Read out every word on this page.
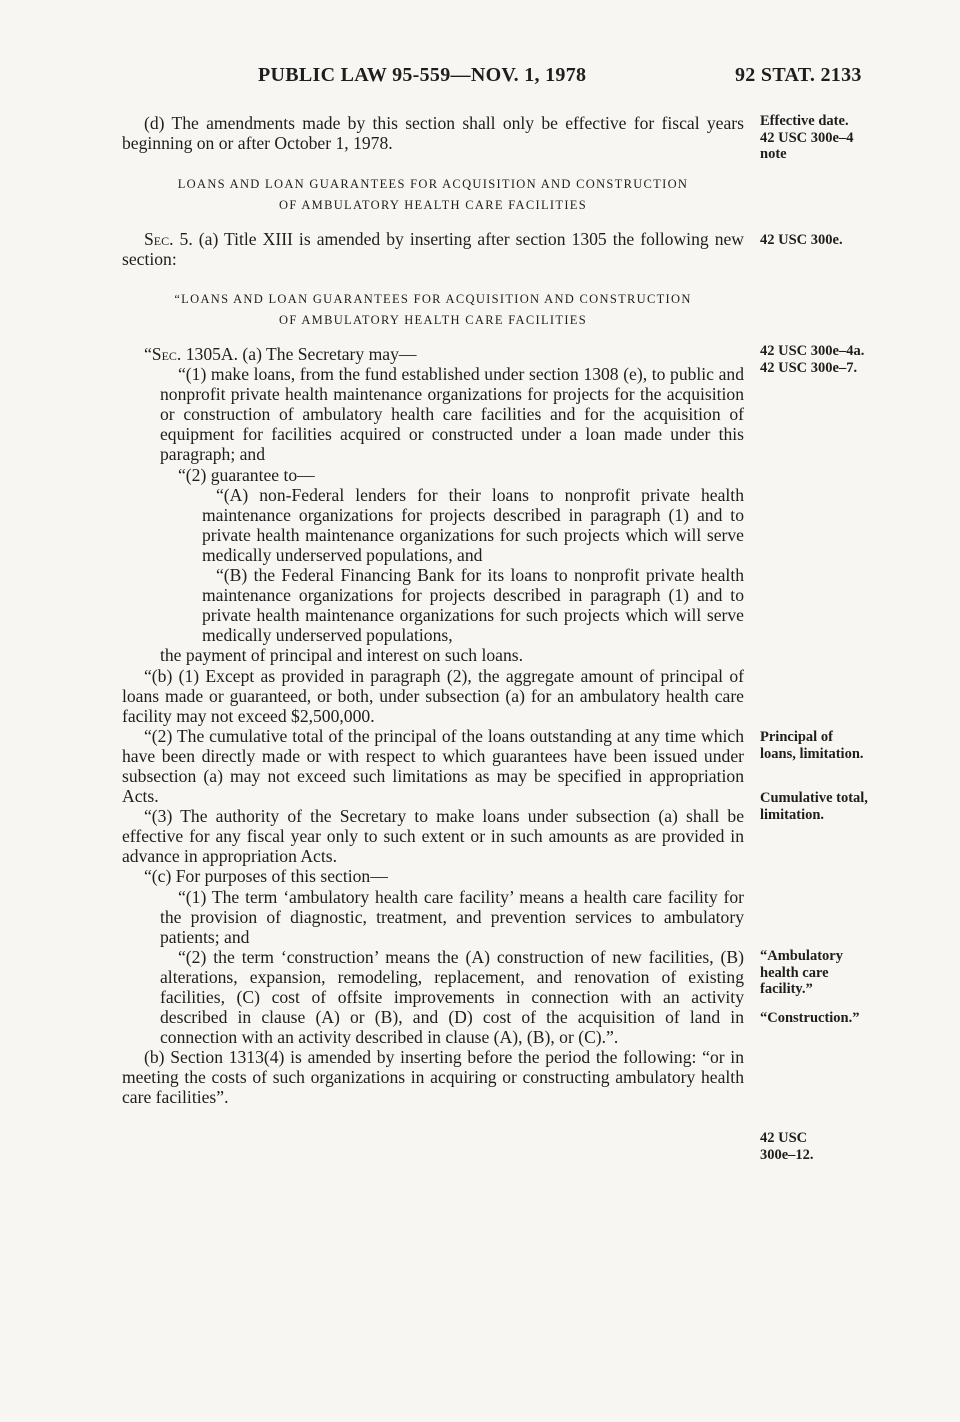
PUBLIC LAW 95-559—NOV. 1, 1978	92 STAT. 2133

(d) The amendments made by this section shall only be effective for fiscal years beginning on or after October 1, 1978.

LOANS AND LOAN GUARANTEES FOR ACQUISITION AND CONSTRUCTION
OF AMBULATORY HEALTH CARE FACILITIES

Sec. 5. (a) Title XIII is amended by inserting after section 1305 the following new section:

“LOANS AND LOAN GUARANTEES FOR ACQUISITION AND CONSTRUCTION
OF AMBULATORY HEALTH CARE FACILITIES

“Sec. 1305A. (a) The Secretary may—

“(1) make loans, from the fund established under section 1308 (e), to public and nonprofit private health maintenance organizations for projects for the acquisition or construction of ambulatory health care facilities and for the acquisition of equipment for facilities acquired or constructed under a loan made under this paragraph; and

“(2) guarantee to—

“(A) non-Federal lenders for their loans to nonprofit private health maintenance organizations for projects described in paragraph (1) and to private health maintenance organizations for such projects which will serve medically underserved populations, and

“(B) the Federal Financing Bank for its loans to nonprofit private health maintenance organizations for projects described in paragraph (1) and to private health maintenance organizations for such projects which will serve medically underserved populations,

the payment of principal and interest on such loans.

“(b) (1) Except as provided in paragraph (2), the aggregate amount of principal of loans made or guaranteed, or both, under subsection (a) for an ambulatory health care facility may not exceed $2,500,000.

“(2) The cumulative total of the principal of the loans outstanding at any time which have been directly made or with respect to which guarantees have been issued under subsection (a) may not exceed such limitations as may be specified in appropriation Acts.

“(3) The authority of the Secretary to make loans under subsection (a) shall be effective for any fiscal year only to such extent or in such amounts as are provided in advance in appropriation Acts.

“(c) For purposes of this section—

“(1) The term ‘ambulatory health care facility’ means a health care facility for the provision of diagnostic, treatment, and prevention services to ambulatory patients; and

“(2) the term ‘construction’ means the (A) construction of new facilities, (B) alterations, expansion, remodeling, replacement, and renovation of existing facilities, (C) cost of offsite improvements in connection with an activity described in clause (A) or (B), and (D) cost of the acquisition of land in connection with an activity described in clause (A), (B), or (C).”.

(b) Section 1313(4) is amended by inserting before the period the following: “or in meeting the costs of such organizations in acquiring or constructing ambulatory health care facilities”.

Effective date.
42 USC 300e–4
note
42 USC 300e.
42 USC 300e–4a.
42 USC 300e–7.
Principal of
loans, limitation.
Cumulative total,
limitation.
“Ambulatory
health care
facility.”
“Construction.”
42 USC
300e–12.
